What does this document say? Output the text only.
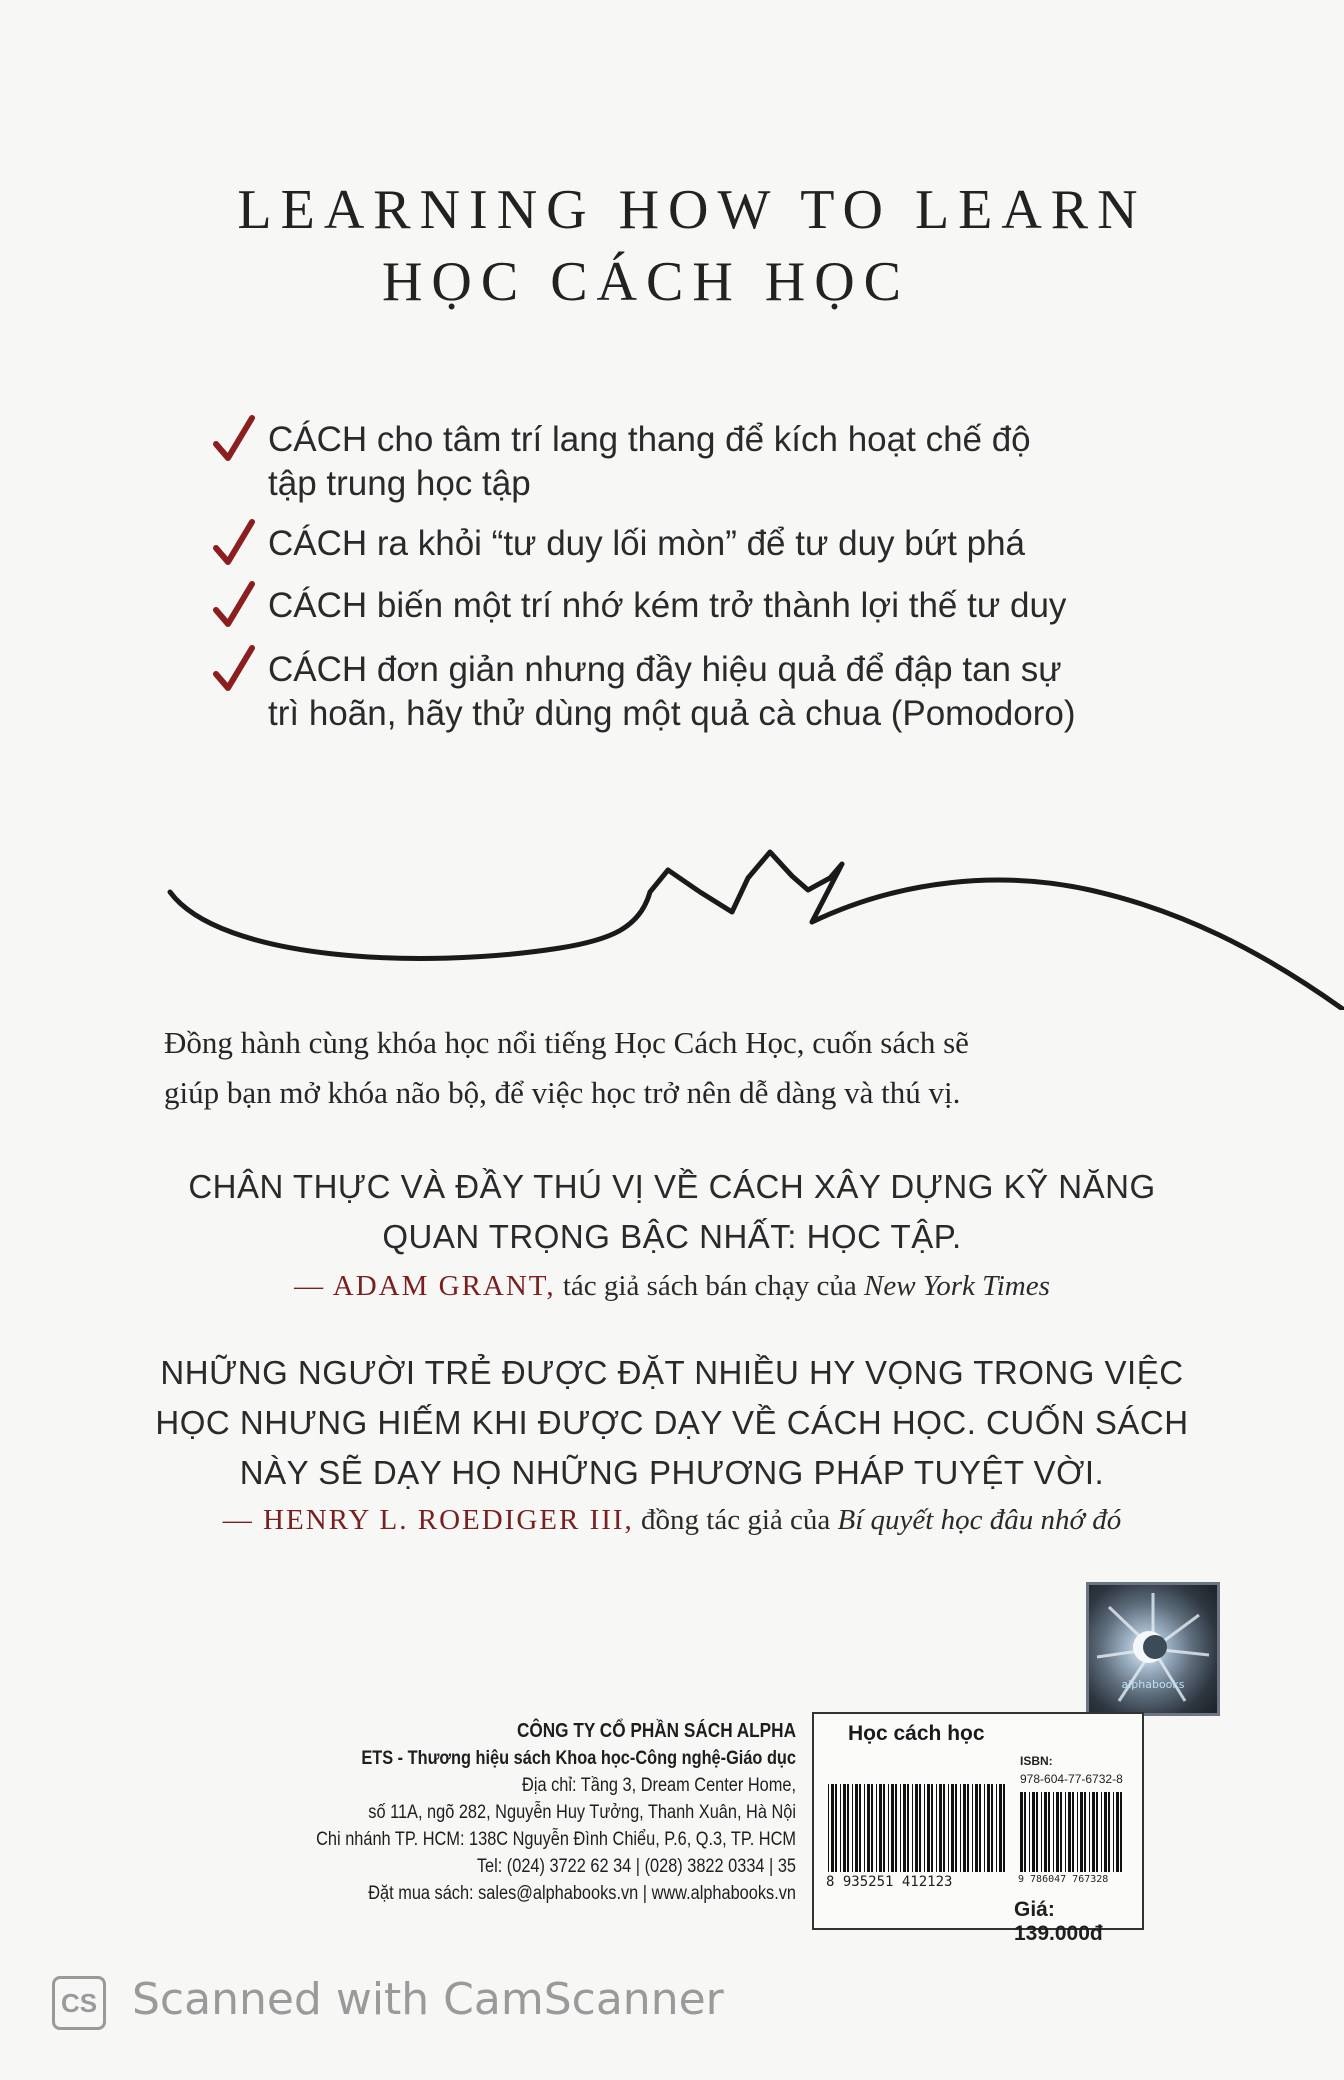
LEARNING HOW TO LEARN
HỌC CÁCH HỌC
CÁCH cho tâm trí lang thang để kích hoạt chế độ
tập trung học tập
CÁCH ra khỏi “tư duy lối mòn” để tư duy bứt phá
CÁCH biến một trí nhớ kém trở thành lợi thế tư duy
CÁCH đơn giản nhưng đầy hiệu quả để đập tan sự
trì hoãn, hãy thử dùng một quả cà chua (Pomodoro)
Đồng hành cùng khóa học nổi tiếng Học Cách Học, cuốn sách sẽ
giúp bạn mở khóa não bộ, để việc học trở nên dễ dàng và thú vị.
CHÂN THỰC VÀ ĐẦY THÚ VỊ VỀ CÁCH XÂY DỰNG KỸ NĂNG
QUAN TRỌNG BẬC NHẤT: HỌC TẬP.
— ADAM GRANT, tác giả sách bán chạy của New York Times
NHỮNG NGƯỜI TRẺ ĐƯỢC ĐẶT NHIỀU HY VỌNG TRONG VIỆC
HỌC NHƯNG HIẾM KHI ĐƯỢC DẠY VỀ CÁCH HỌC. CUỐN SÁCH
NÀY SẼ DẠY HỌ NHỮNG PHƯƠNG PHÁP TUYỆT VỜI.
— HENRY L. ROEDIGER III, đồng tác giả của Bí quyết học đâu nhớ đó
alphabooks
CÔNG TY CỔ PHẦN SÁCH ALPHA
ETS - Thương hiệu sách Khoa học-Công nghệ-Giáo dục
Địa chỉ: Tầng 3, Dream Center Home,
số 11A, ngõ 282, Nguyễn Huy Tưởng, Thanh Xuân, Hà Nội
Chi nhánh TP. HCM: 138C Nguyễn Đình Chiểu, P.6, Q.3, TP. HCM
Tel: (024) 3722 62 34 | (028) 3822 0334 | 35
Đặt mua sách: sales@alphabooks.vn | www.alphabooks.vn
Học cách học
ISBN:
978-604-77-6732-8
8 935251 412123	9 786047 767328
Giá: 139.000đ
CS Scanned with CamScanner
